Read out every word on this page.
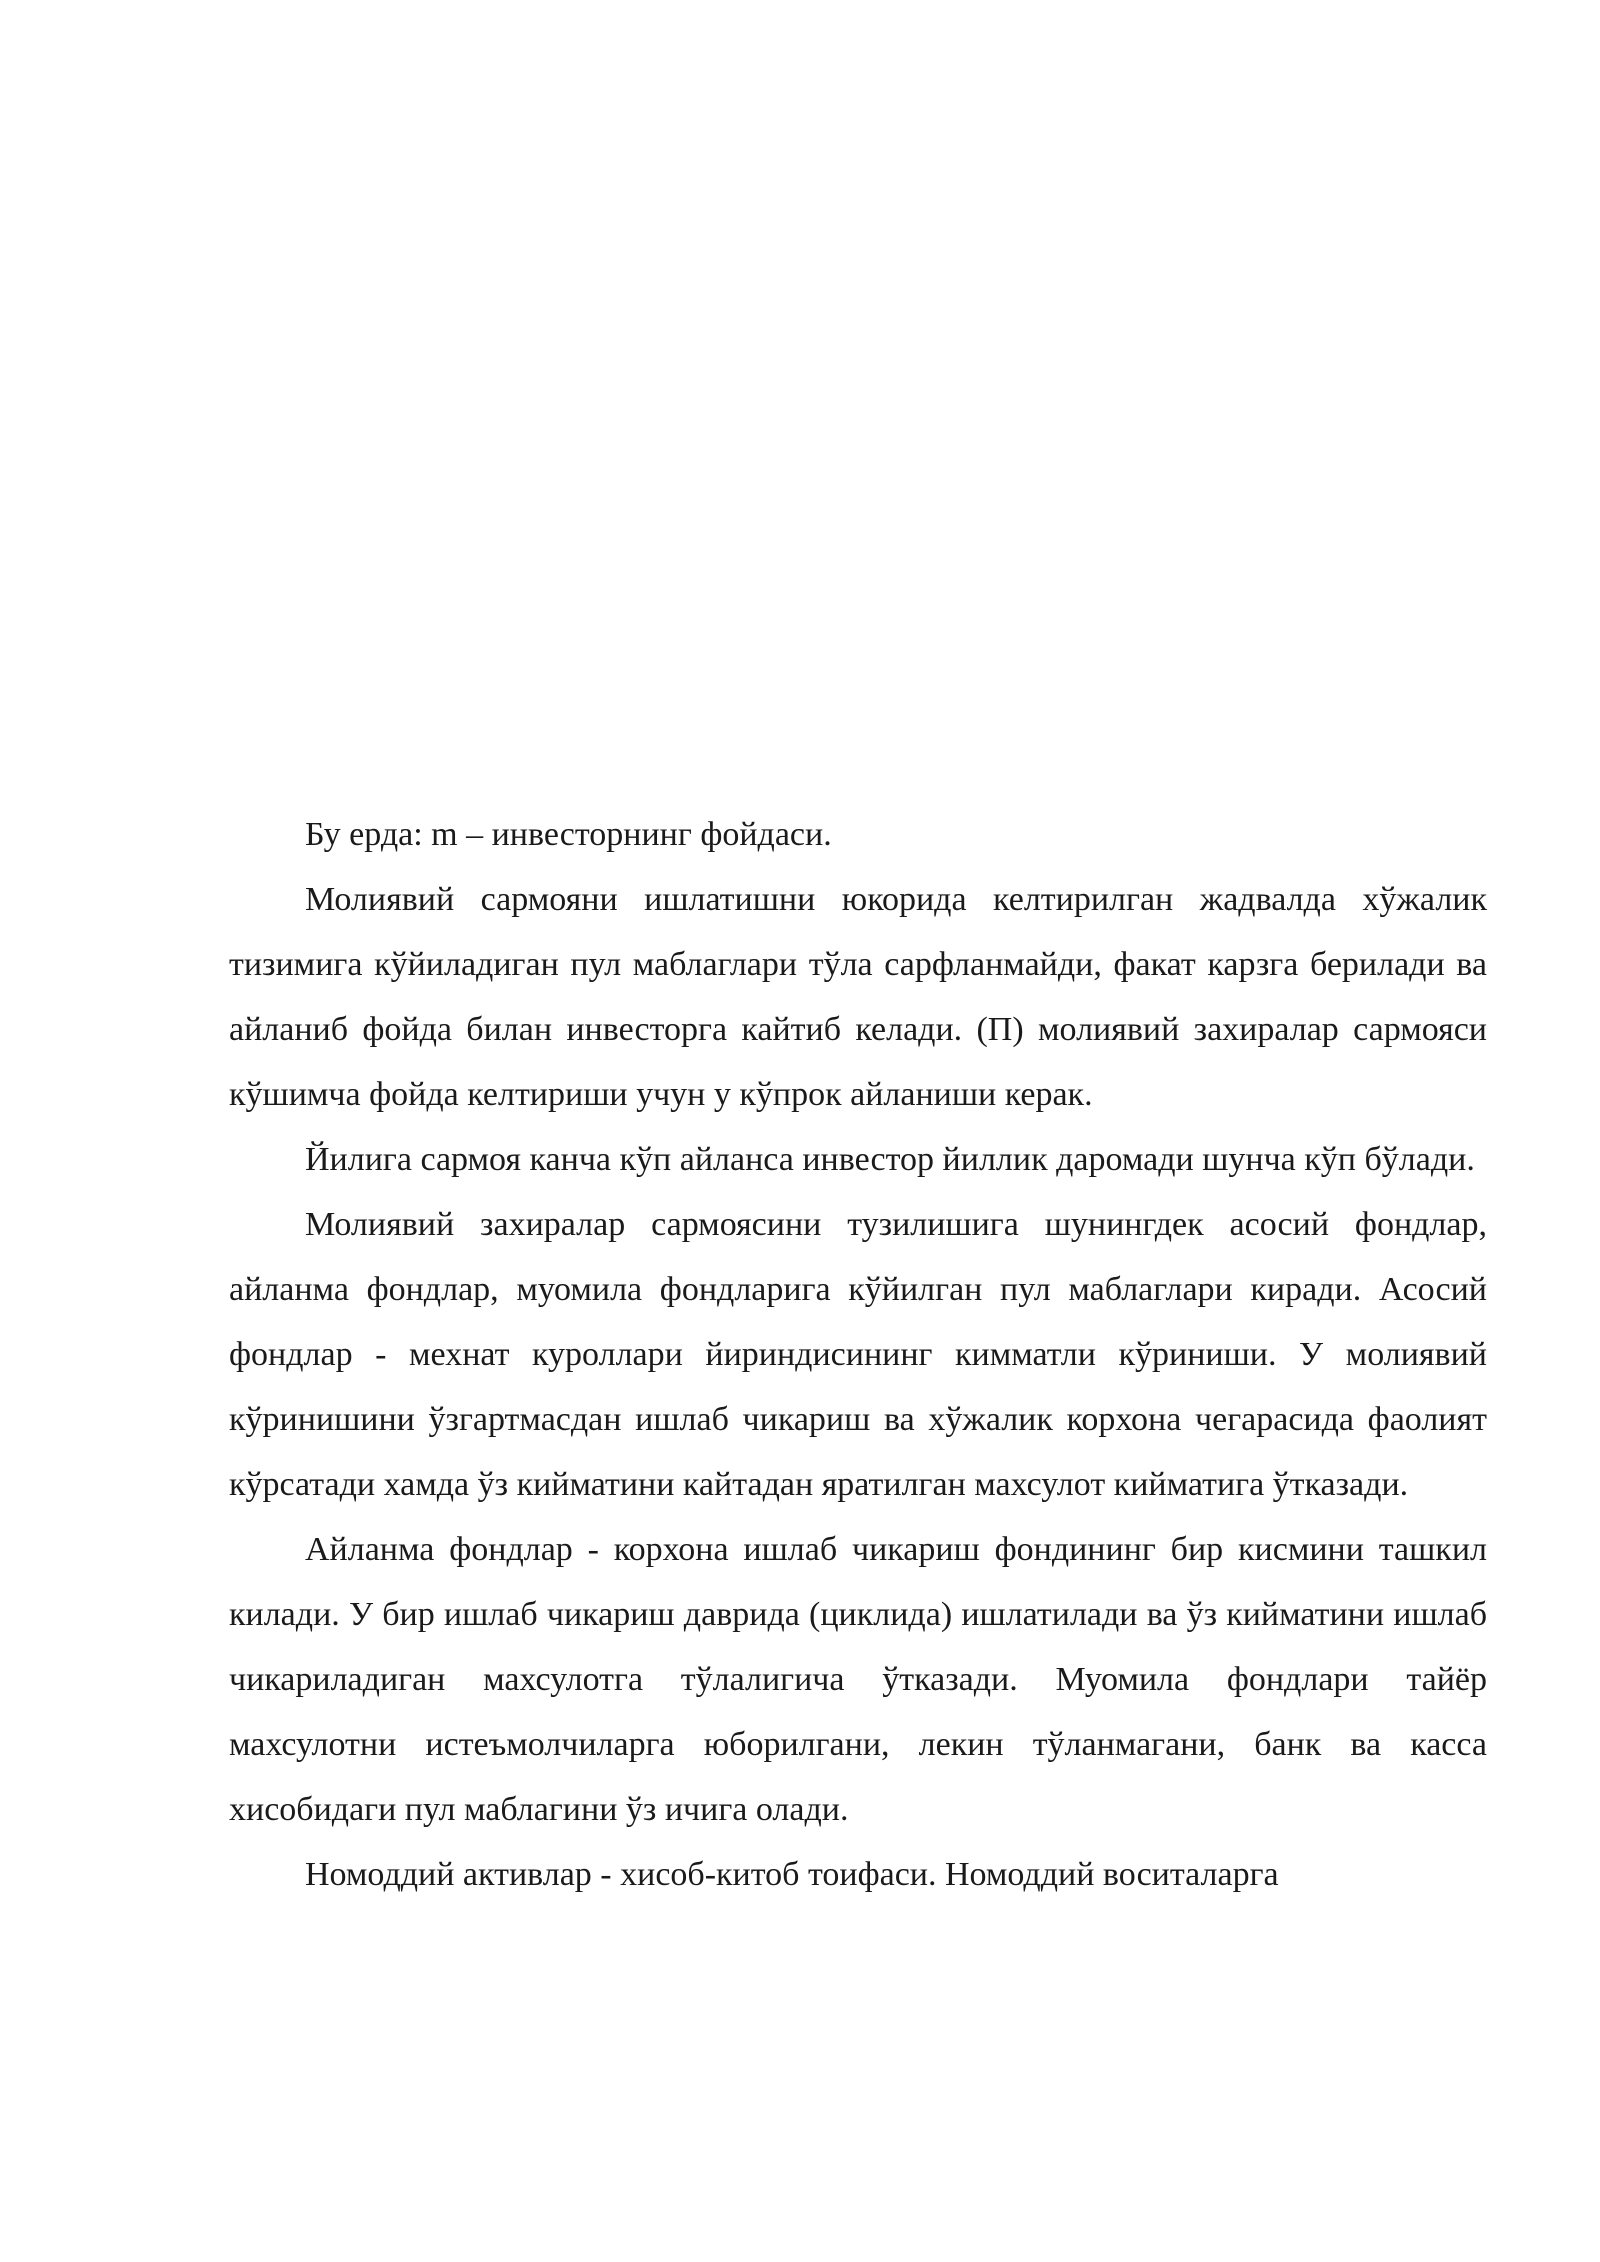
Бу ерда: m – инвесторнинг фойдаси.

Молиявий сармояни ишлатишни юкорида келтирилган жадвалда хўжалик тизимига кўйиладиган пул маблаглари тўла сарфланмайди, факат карзга берилади ва айланиб фойда билан инвесторга кайтиб келади. (П) молиявий захиралар сармояси кўшимча фойда келтириши учун у кўпрок айланиши керак.

Йилига сармоя канча кўп айланса инвестор йиллик даромади шунча кўп бўлади.

Молиявий захиралар сармоясини тузилишига шунингдек асосий фондлар, айланма фондлар, муомила фондларига кўйилган пул маблаглари киради. Асосий фондлар - мехнат куроллари йириндисининг кимматли кўриниши. У молиявий кўринишини ўзгартмасдан ишлаб чикариш ва хўжалик корхона чегарасида фаолият кўрсатади хамда ўз кийматини кайтадан яратилган махсулот кийматига ўтказади.

Айланма фондлар - корхона ишлаб чикариш фондининг бир кисмини ташкил килади. У бир ишлаб чикариш даврида (циклида) ишлатилади ва ўз кийматини ишлаб чикариладиган махсулотга тўлалигича ўтказади. Муомила фондлари тайёр махсулотни истеъмолчиларга юборилгани, лекин тўланмагани, банк ва касса хисобидаги пул маблагини ўз ичига олади.

Номоддий активлар - хисоб-китоб тоифаси. Номоддий воситаларга
